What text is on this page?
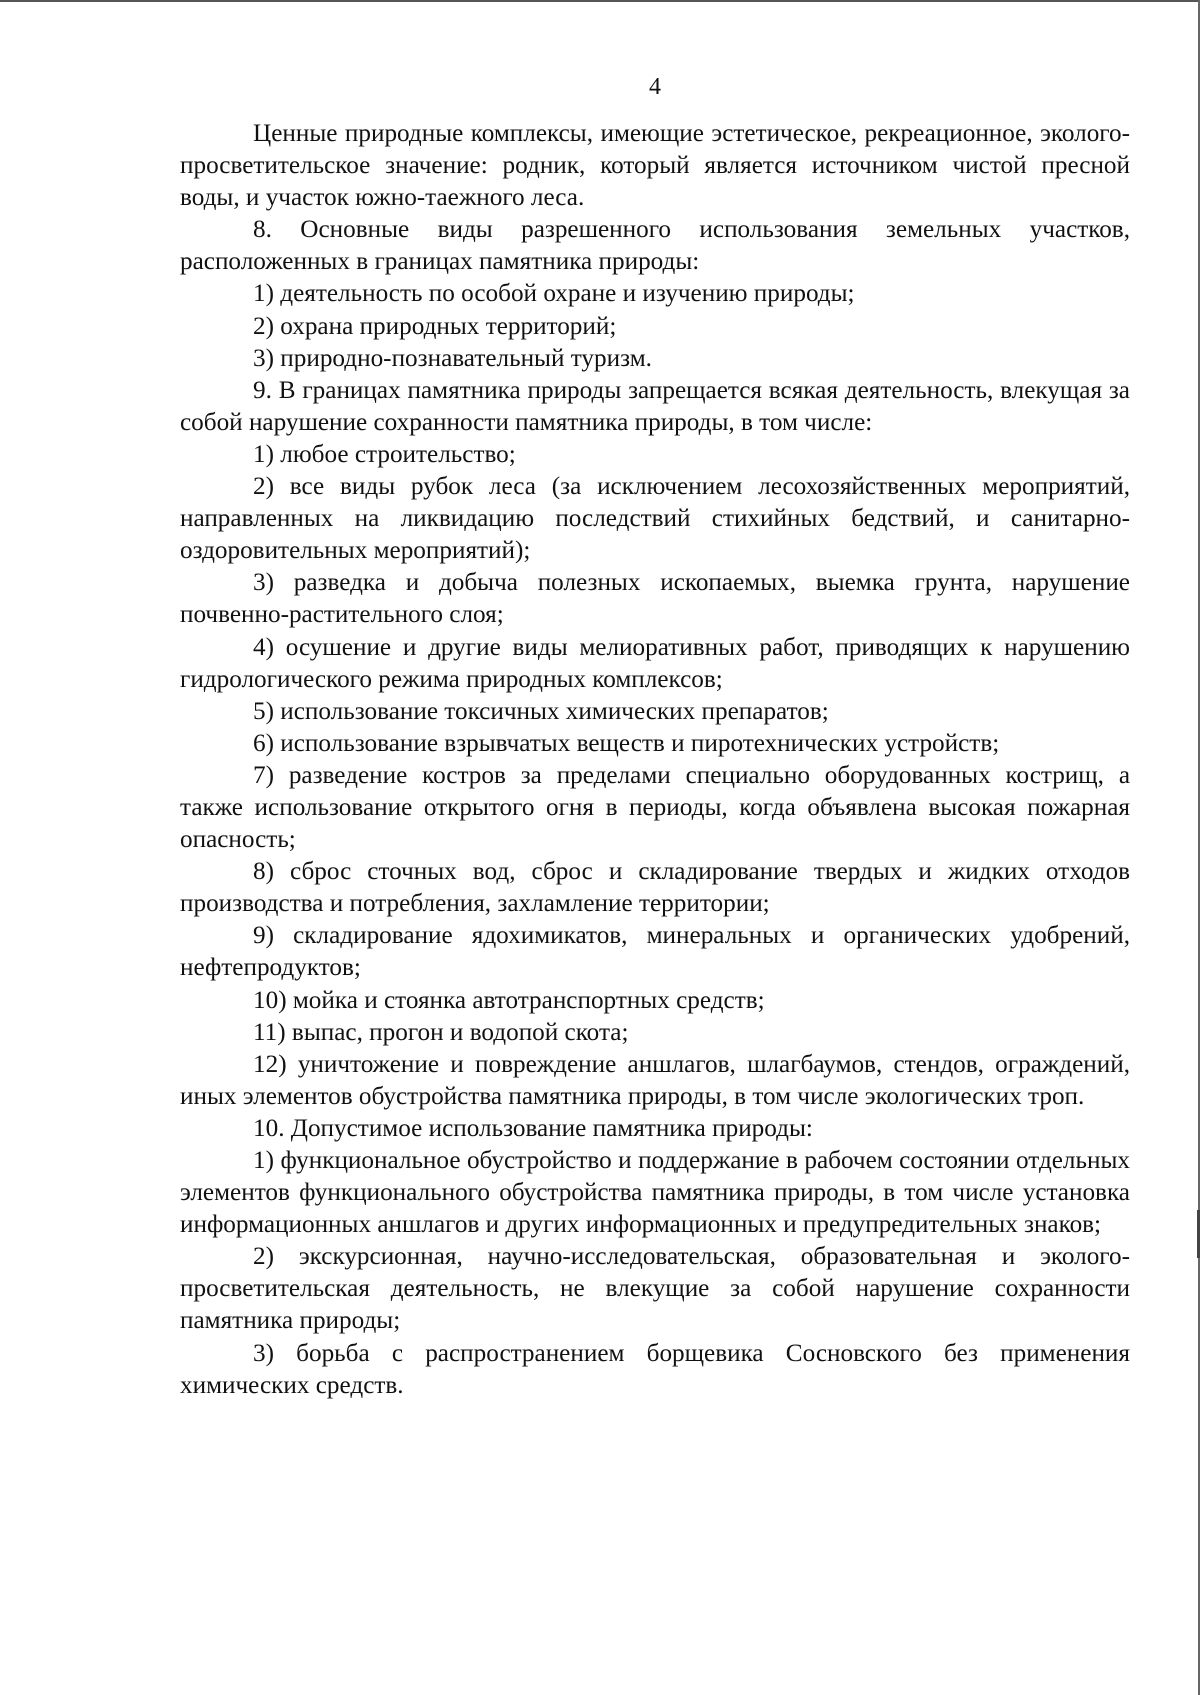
4

Ценные природные комплексы, имеющие эстетическое, рекреационное, эколого-просветительское значение: родник, который является источником чистой пресной воды, и участок южно-таежного леса.

8. Основные виды разрешенного использования земельных участков, расположенных в границах памятника природы:

1) деятельность по особой охране и изучению природы;

2) охрана природных территорий;

3) природно-познавательный туризм.

9. В границах памятника природы запрещается всякая деятельность, влекущая за собой нарушение сохранности памятника природы, в том числе:

1) любое строительство;

2) все виды рубок леса (за исключением лесохозяйственных мероприятий, направленных на ликвидацию последствий стихийных бедствий, и санитарно-оздоровительных мероприятий);

3) разведка и добыча полезных ископаемых, выемка грунта, нарушение почвенно-растительного слоя;

4) осушение и другие виды мелиоративных работ, приводящих к нарушению гидрологического режима природных комплексов;

5) использование токсичных химических препаратов;

6) использование взрывчатых веществ и пиротехнических устройств;

7) разведение костров за пределами специально оборудованных кострищ, а также использование открытого огня в периоды, когда объявлена высокая пожарная опасность;

8) сброс сточных вод, сброс и складирование твердых и жидких отходов производства и потребления, захламление территории;

9) складирование ядохимикатов, минеральных и органических удобрений, нефтепродуктов;

10) мойка и стоянка автотранспортных средств;

11) выпас, прогон и водопой скота;

12) уничтожение и повреждение аншлагов, шлагбаумов, стендов, ограждений, иных элементов обустройства памятника природы, в том числе экологических троп.

10. Допустимое использование памятника природы:

1) функциональное обустройство и поддержание в рабочем состоянии отдельных элементов функционального обустройства памятника природы, в том числе установка информационных аншлагов и других информационных и предупредительных знаков;

2) экскурсионная, научно-исследовательская, образовательная и эколого-просветительская деятельность, не влекущие за собой нарушение сохранности памятника природы;

3) борьба с распространением борщевика Сосновского без применения химических средств.
